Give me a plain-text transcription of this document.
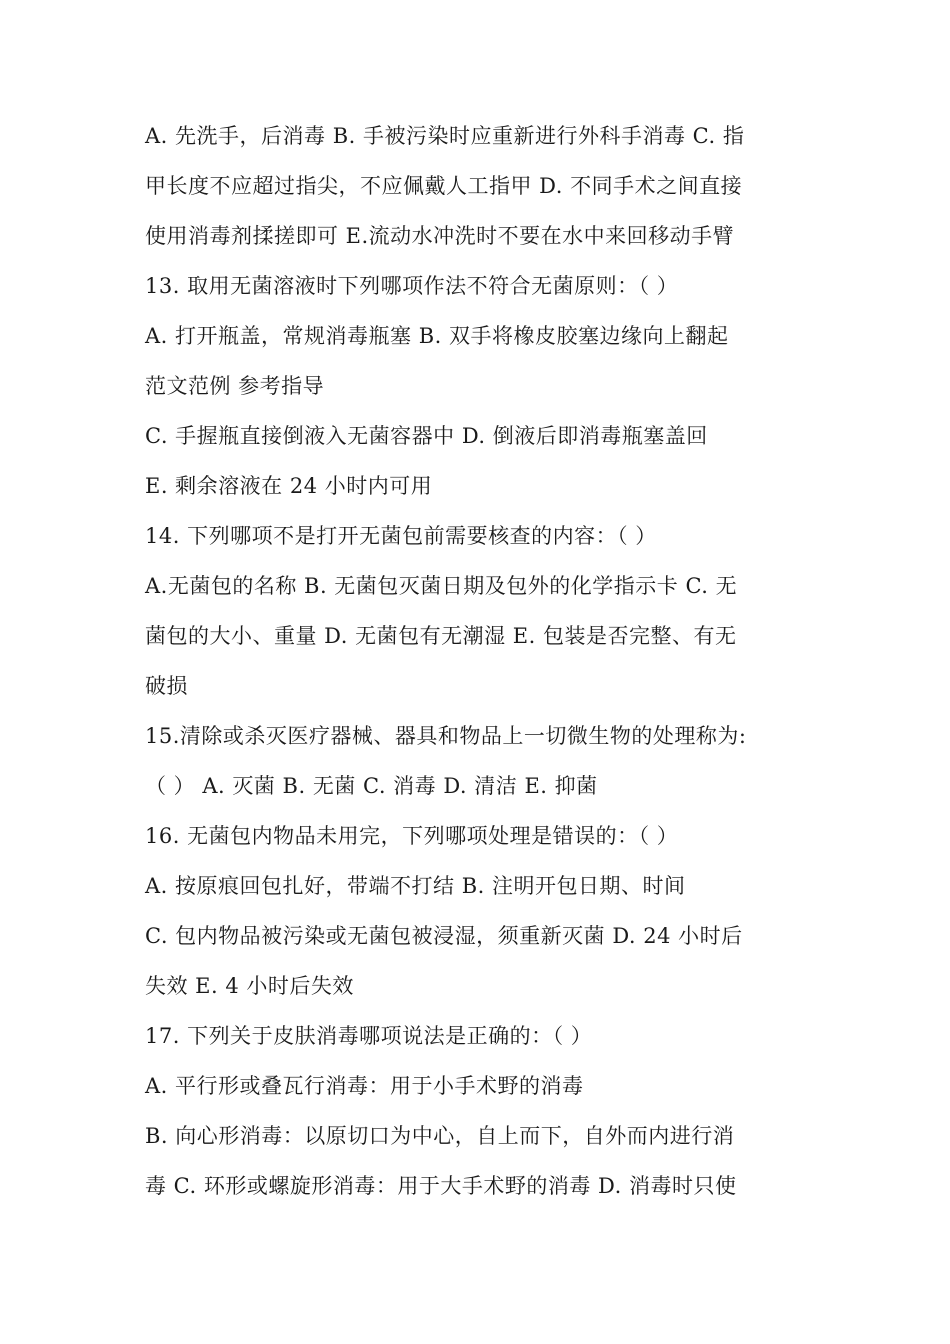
A. 先洗手，后消毒 B. 手被污染时应重新进行外科手消毒 C. 指
甲长度不应超过指尖，不应佩戴人工指甲 D. 不同手术之间直接
使用消毒剂揉搓即可 E.流动水冲洗时不要在水中来回移动手臂
13. 取用无菌溶液时下列哪项作法不符合无菌原则：（ ）
A. 打开瓶盖，常规消毒瓶塞 B. 双手将橡皮胶塞边缘向上翻起
范文范例 参考指导
C. 手握瓶直接倒液入无菌容器中 D. 倒液后即消毒瓶塞盖回
E. 剩余溶液在 24 小时内可用
14. 下列哪项不是打开无菌包前需要核查的内容：（ ）
A.无菌包的名称 B. 无菌包灭菌日期及包外的化学指示卡 C. 无
菌包的大小、重量 D. 无菌包有无潮湿 E. 包装是否完整、有无
破损
15.清除或杀灭医疗器械、器具和物品上一切微生物的处理称为:
（ ） A. 灭菌 B. 无菌 C. 消毒 D. 清洁 E. 抑菌
16. 无菌包内物品未用完，下列哪项处理是错误的：（ ）
A. 按原痕回包扎好，带端不打结 B. 注明开包日期、时间
C. 包内物品被污染或无菌包被浸湿，须重新灭菌 D. 24 小时后
失效 E. 4 小时后失效
17. 下列关于皮肤消毒哪项说法是正确的：（ ）
A. 平行形或叠瓦行消毒：用于小手术野的消毒
B. 向心形消毒：以原切口为中心，自上而下，自外而内进行消
毒 C. 环形或螺旋形消毒：用于大手术野的消毒 D. 消毒时只使
